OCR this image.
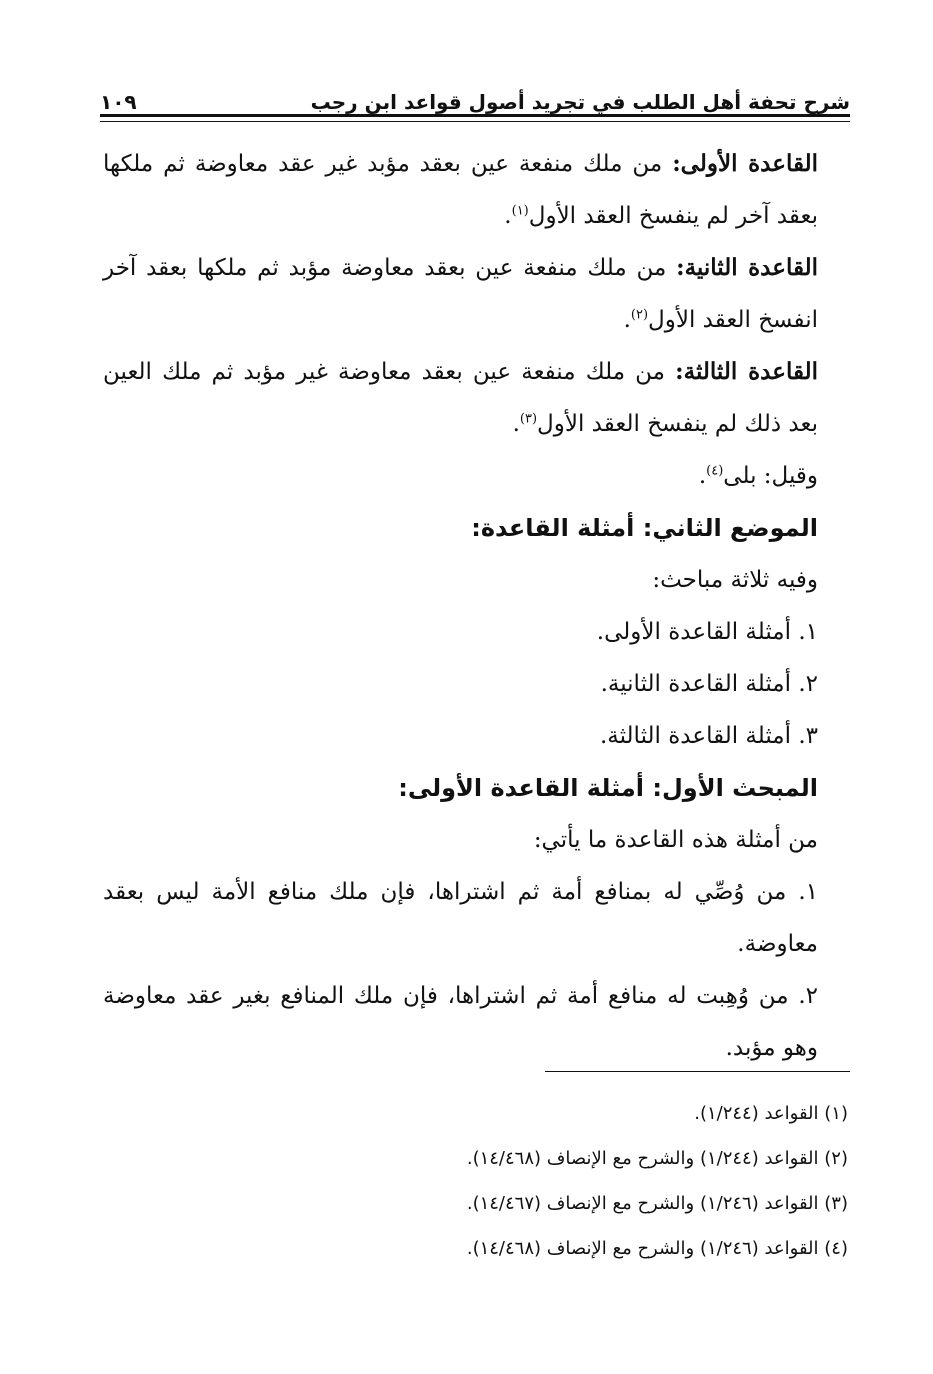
شرح تحفة أهل الطلب في تجريد أصول قواعد ابن رجب
١٠٩

القاعدة الأولى: من ملك منفعة عين بعقد مؤبد غير عقد معاوضة ثم ملكها بعقد آخر لم ينفسخ العقد الأول$^{(١)}$.

القاعدة الثانية: من ملك منفعة عين بعقد معاوضة مؤبد ثم ملكها بعقد آخر انفسخ العقد الأول$^{(٢)}$.

القاعدة الثالثة: من ملك منفعة عين بعقد معاوضة غير مؤبد ثم ملك العين بعد ذلك لم ينفسخ العقد الأول$^{(٣)}$.

وقيل: بلى$^{(٤)}$.

الموضع الثاني: أمثلة القاعدة:

وفيه ثلاثة مباحث:

١. أمثلة القاعدة الأولى.

٢. أمثلة القاعدة الثانية.

٣. أمثلة القاعدة الثالثة.

المبحث الأول: أمثلة القاعدة الأولى:

من أمثلة هذه القاعدة ما يأتي:

١. من وُصِّي له بمنافع أمة ثم اشتراها، فإن ملك منافع الأمة ليس بعقد معاوضة.

٢. من وُهِبت له منافع أمة ثم اشتراها، فإن ملك المنافع بغير عقد معاوضة وهو مؤبد.

(١) القواعد (١/٢٤٤).

(٢) القواعد (١/٢٤٤) والشرح مع الإنصاف (١٤/٤٦٨).

(٣) القواعد (١/٢٤٦) والشرح مع الإنصاف (١٤/٤٦٧).

(٤) القواعد (١/٢٤٦) والشرح مع الإنصاف (١٤/٤٦٨).
